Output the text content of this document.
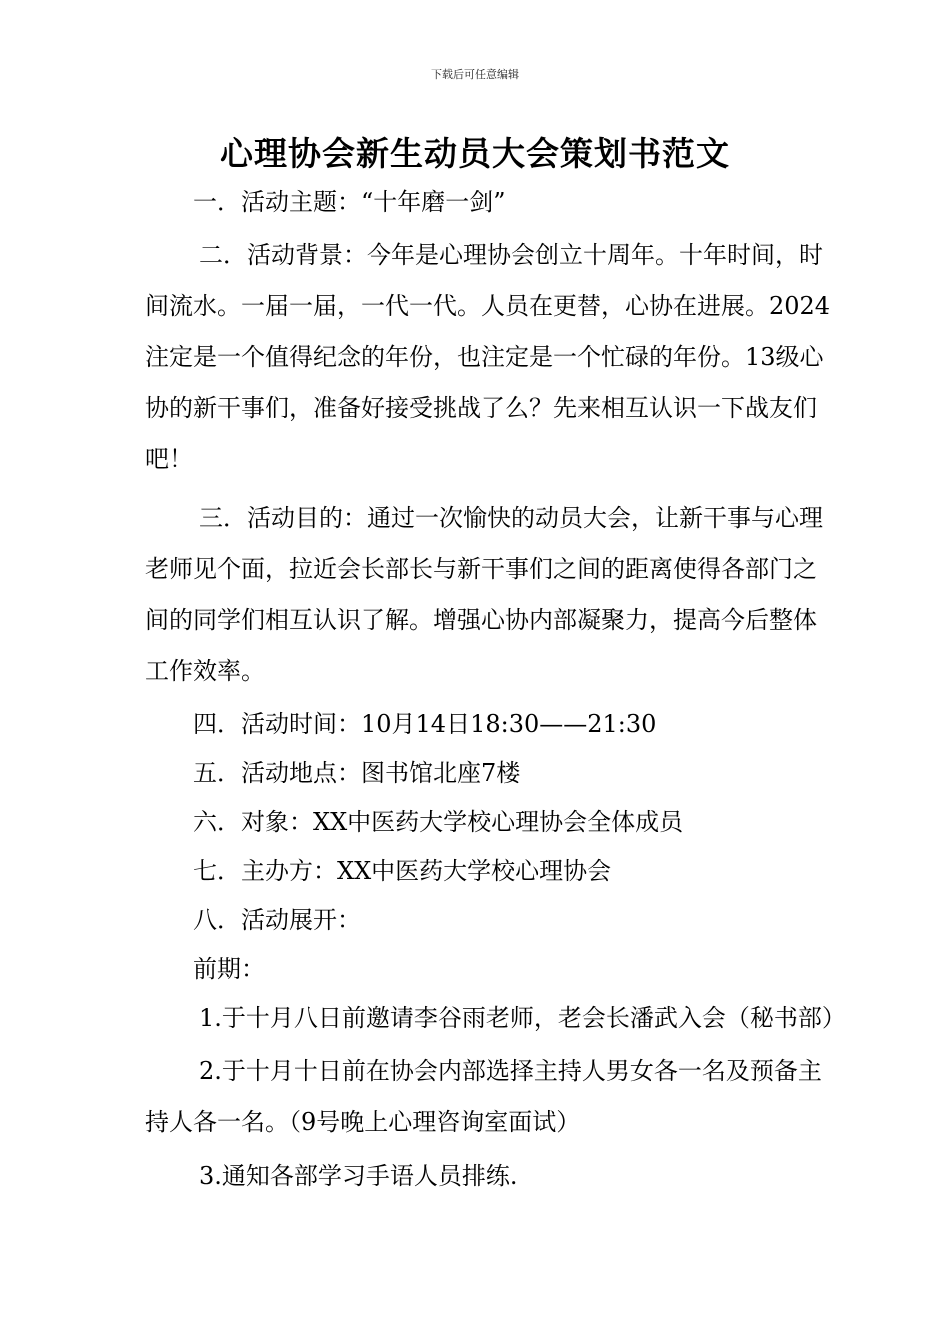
下载后可任意编辑
心理协会新生动员大会策划书范文

一．活动主题：“十年磨一剑”

二．活动背景：今年是心理协会创立十周年。十年时间，时间流水。一届一届，一代一代。人员在更替，心协在进展。2024注定是一个值得纪念的年份，也注定是一个忙碌的年份。13级心协的新干事们，准备好接受挑战了么？先来相互认识一下战友们吧！

三．活动目的：通过一次愉快的动员大会，让新干事与心理老师见个面，拉近会长部长与新干事们之间的距离使得各部门之间的同学们相互认识了解。增强心协内部凝聚力，提高今后整体工作效率。

四．活动时间：10月14日18:30——21:30

五．活动地点：图书馆北座7楼

六．对象：XX中医药大学校心理协会全体成员

七．主办方：XX中医药大学校心理协会

八．活动展开：

前期：

1.于十月八日前邀请李谷雨老师，老会长潘武入会（秘书部）

2.于十月十日前在协会内部选择主持人男女各一名及预备主持人各一名。（9号晚上心理咨询室面试）

3.通知各部学习手语人员排练.
